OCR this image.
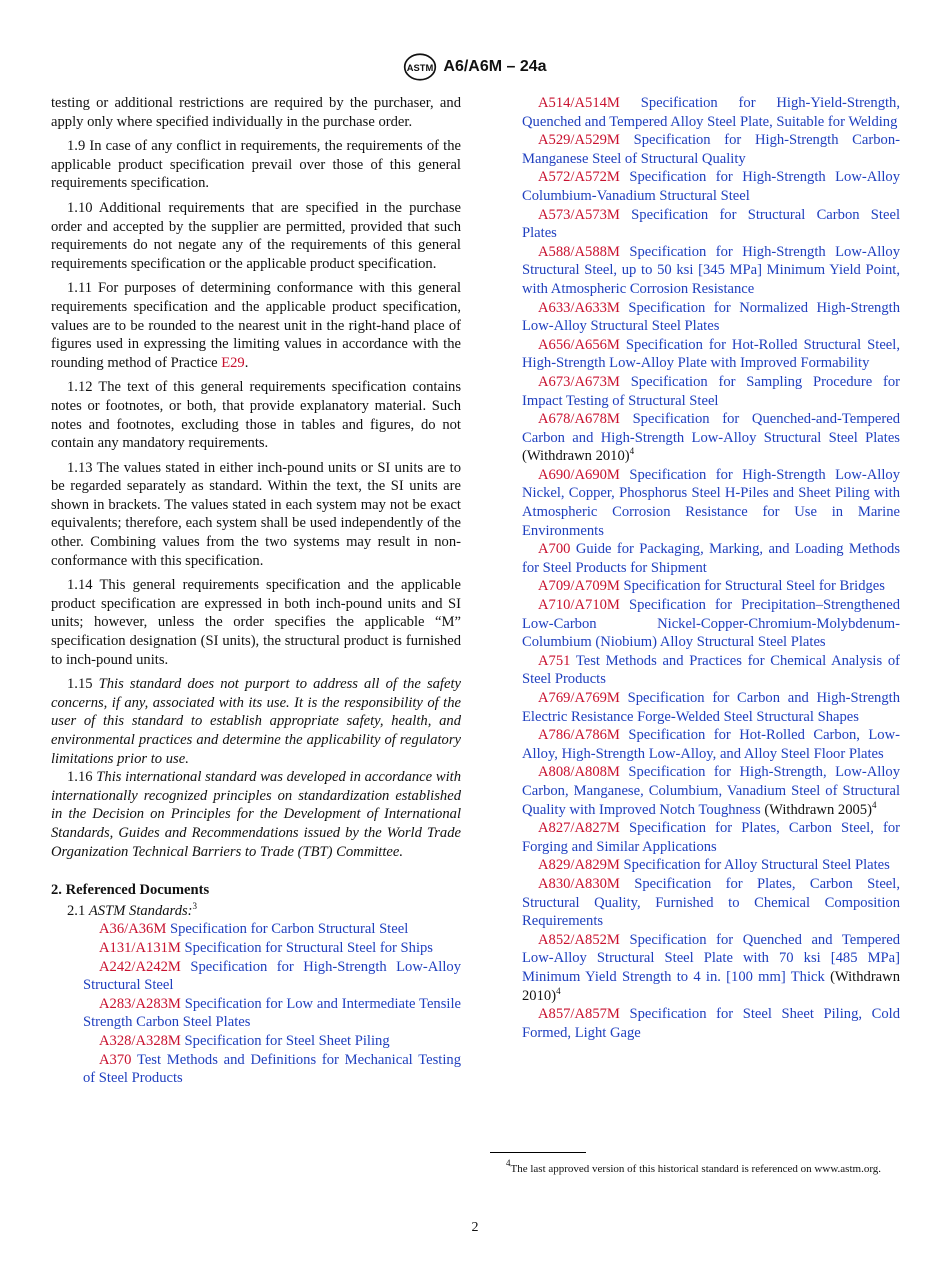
ASTM A6/A6M – 24a

testing or additional restrictions are required by the purchaser, and apply only where specified individually in the purchase order.

1.9 In case of any conflict in requirements, the requirements of the applicable product specification prevail over those of this general requirements specification.

1.10 Additional requirements that are specified in the purchase order and accepted by the supplier are permitted, provided that such requirements do not negate any of the requirements of this general requirements specification or the applicable product specification.

1.11 For purposes of determining conformance with this general requirements specification and the applicable product specification, values are to be rounded to the nearest unit in the right-hand place of figures used in expressing the limiting values in accordance with the rounding method of Practice E29.

1.12 The text of this general requirements specification contains notes or footnotes, or both, that provide explanatory material. Such notes and footnotes, excluding those in tables and figures, do not contain any mandatory requirements.

1.13 The values stated in either inch-pound units or SI units are to be regarded separately as standard. Within the text, the SI units are shown in brackets. The values stated in each system may not be exact equivalents; therefore, each system shall be used independently of the other. Combining values from the two systems may result in non-conformance with this specification.

1.14 This general requirements specification and the applicable product specification are expressed in both inch-pound units and SI units; however, unless the order specifies the applicable “M” specification designation (SI units), the structural product is furnished to inch-pound units.

1.15 This standard does not purport to address all of the safety concerns, if any, associated with its use. It is the responsibility of the user of this standard to establish appropriate safety, health, and environmental practices and determine the applicability of regulatory limitations prior to use.

1.16 This international standard was developed in accordance with internationally recognized principles on standardization established in the Decision on Principles for the Development of International Standards, Guides and Recommendations issued by the World Trade Organization Technical Barriers to Trade (TBT) Committee.

2. Referenced Documents
2.1 ASTM Standards:$^3$

A36/A36M Specification for Carbon Structural Steel

A131/A131M Specification for Structural Steel for Ships

A242/A242M Specification for High-Strength Low-Alloy Structural Steel

A283/A283M Specification for Low and Intermediate Tensile Strength Carbon Steel Plates

A328/A328M Specification for Steel Sheet Piling

A370 Test Methods and Definitions for Mechanical Testing of Steel Products

A514/A514M Specification for High-Yield-Strength, Quenched and Tempered Alloy Steel Plate, Suitable for Welding

A529/A529M Specification for High-Strength Carbon-Manganese Steel of Structural Quality

A572/A572M Specification for High-Strength Low-Alloy Columbium-Vanadium Structural Steel

A573/A573M Specification for Structural Carbon Steel Plates

A588/A588M Specification for High-Strength Low-Alloy Structural Steel, up to 50 ksi [345 MPa] Minimum Yield Point, with Atmospheric Corrosion Resistance

A633/A633M Specification for Normalized High-Strength Low-Alloy Structural Steel Plates

A656/A656M Specification for Hot-Rolled Structural Steel, High-Strength Low-Alloy Plate with Improved Formability

A673/A673M Specification for Sampling Procedure for Impact Testing of Structural Steel

A678/A678M Specification for Quenched-and-Tempered Carbon and High-Strength Low-Alloy Structural Steel Plates (Withdrawn 2010)$^4$

A690/A690M Specification for High-Strength Low-Alloy Nickel, Copper, Phosphorus Steel H-Piles and Sheet Piling with Atmospheric Corrosion Resistance for Use in Marine Environments

A700 Guide for Packaging, Marking, and Loading Methods for Steel Products for Shipment

A709/A709M Specification for Structural Steel for Bridges

A710/A710M Specification for Precipitation–Strengthened Low-Carbon Nickel-Copper-Chromium-Molybdenum-Columbium (Niobium) Alloy Structural Steel Plates

A751 Test Methods and Practices for Chemical Analysis of Steel Products

A769/A769M Specification for Carbon and High-Strength Electric Resistance Forge-Welded Steel Structural Shapes

A786/A786M Specification for Hot-Rolled Carbon, Low-Alloy, High-Strength Low-Alloy, and Alloy Steel Floor Plates

A808/A808M Specification for High-Strength, Low-Alloy Carbon, Manganese, Columbium, Vanadium Steel of Structural Quality with Improved Notch Toughness (Withdrawn 2005)$^4$

A827/A827M Specification for Plates, Carbon Steel, for Forging and Similar Applications

A829/A829M Specification for Alloy Structural Steel Plates

A830/A830M Specification for Plates, Carbon Steel, Structural Quality, Furnished to Chemical Composition Requirements

A852/A852M Specification for Quenched and Tempered Low-Alloy Structural Steel Plate with 70 ksi [485 MPa] Minimum Yield Strength to 4 in. [100 mm] Thick (Withdrawn 2010)$^4$

A857/A857M Specification for Steel Sheet Piling, Cold Formed, Light Gage

$^4$The last approved version of this historical standard is referenced on www.astm.org.
2
